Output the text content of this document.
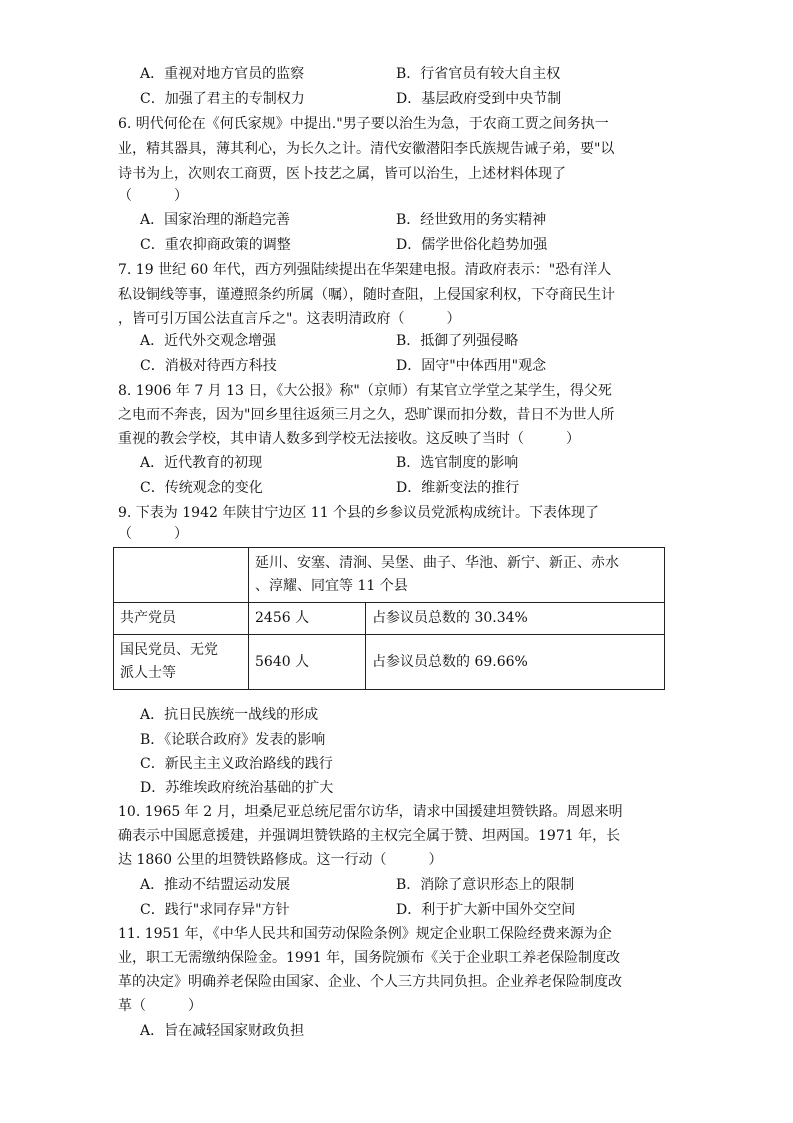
A．重视对地方官员的监察	B．行省官员有较大自主权
C．加强了君主的专制权力	D．基层政府受到中央节制
6. 明代何伦在《何氏家规》中提出."男子要以治生为急，于农商工贾之间务执一
业，精其器具，薄其利心，为长久之计。清代安徽潜阳李氏族规告诫子弟，要"以
诗书为上，次则农工商贾，医卜技艺之属，皆可以治生，上述材料体现了
（　　　）
A．国家治理的渐趋完善	B．经世致用的务实精神
C．重农抑商政策的调整	D．儒学世俗化趋势加强
7. 19 世纪 60 年代，西方列强陆续提出在华架建电报。清政府表示："恐有洋人
私设铜线等事，谨遵照条约所属（嘱），随时查阻，上侵国家利权，下夺商民生计
，皆可引万国公法直言斥之"。这表明清政府（　　　）
A．近代外交观念增强	B．抵御了列强侵略
C．消极对待西方科技	D．固守"中体西用"观念
8. 1906 年 7 月 13 日，《大公报》称"（京师）有某官立学堂之某学生，得父死
之电而不奔丧，因为"回乡里往返须三月之久，恐旷课而扣分数，昔日不为世人所
重视的教会学校，其申请人数多到学校无法接收。这反映了当时（　　　）
A．近代教育的初现	B．选官制度的影响
C．传统观念的变化	D．维新变法的推行
9. 下表为 1942 年陕甘宁边区 11 个县的乡参议员党派构成统计。下表体现了
（　　　）

	延川、安塞、清涧、吴堡、曲子、华池、新宁、新正、赤水
、淳耀、同宜等 11 个县	

共产党员	2456 人	占参议员总数的 30.34%

国民党员、无党
派人士等	5640 人	占参议员总数的 69.66%
A．抗日民族统一战线的形成
B．《论联合政府》发表的影响
C．新民主主义政治路线的践行
D．苏维埃政府统治基础的扩大
10. 1965 年 2 月，坦桑尼亚总统尼雷尔访华，请求中国援建坦赞铁路。周恩来明
确表示中国愿意援建，并强调坦赞铁路的主权完全属于赞、坦两国。1971 年，长
达 1860 公里的坦赞铁路修成。这一行动（　　　）
A．推动不结盟运动发展	B．消除了意识形态上的限制
C．践行"求同存异"方针	D．利于扩大新中国外交空间
11. 1951 年，《中华人民共和国劳动保险条例》规定企业职工保险经费来源为企
业，职工无需缴纳保险金。1991 年，国务院颁布《关于企业职工养老保险制度改
革的决定》明确养老保险由国家、企业、个人三方共同负担。企业养老保险制度改
革（　　　）
A．旨在减轻国家财政负担
